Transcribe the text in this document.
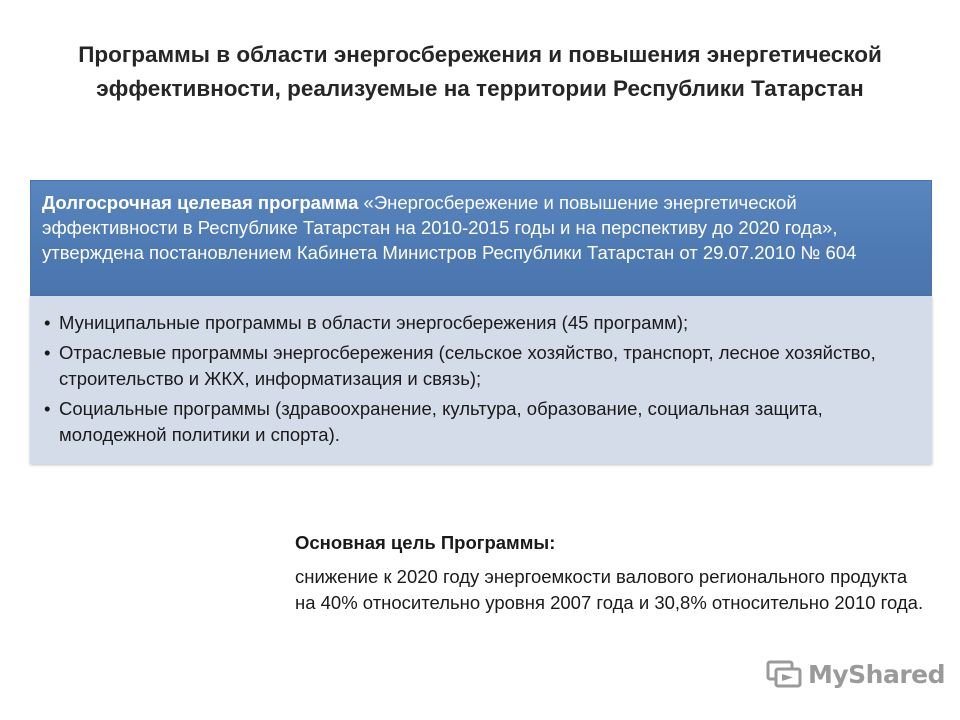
Программы в области энергосбережения и повышения энергетической эффективности, реализуемые на территории Республики Татарстан
Долгосрочная целевая программа «Энергосбережение и повышение энергетической эффективности в Республике Татарстан на 2010-2015 годы и на перспективу до 2020 года», утверждена постановлением Кабинета Министров Республики Татарстан от 29.07.2010 № 604
• Муниципальные программы в области энергосбережения (45 программ);
• Отраслевые программы энергосбережения (сельское хозяйство, транспорт, лесное хозяйство, строительство и ЖКХ, информатизация и связь);
• Социальные программы (здравоохранение, культура, образование, социальная защита, молодежной политики и спорта).
Основная цель Программы:
снижение к 2020 году энергоемкости валового регионального продукта на 40% относительно уровня 2007 года и 30,8% относительно 2010 года.
MyShared
